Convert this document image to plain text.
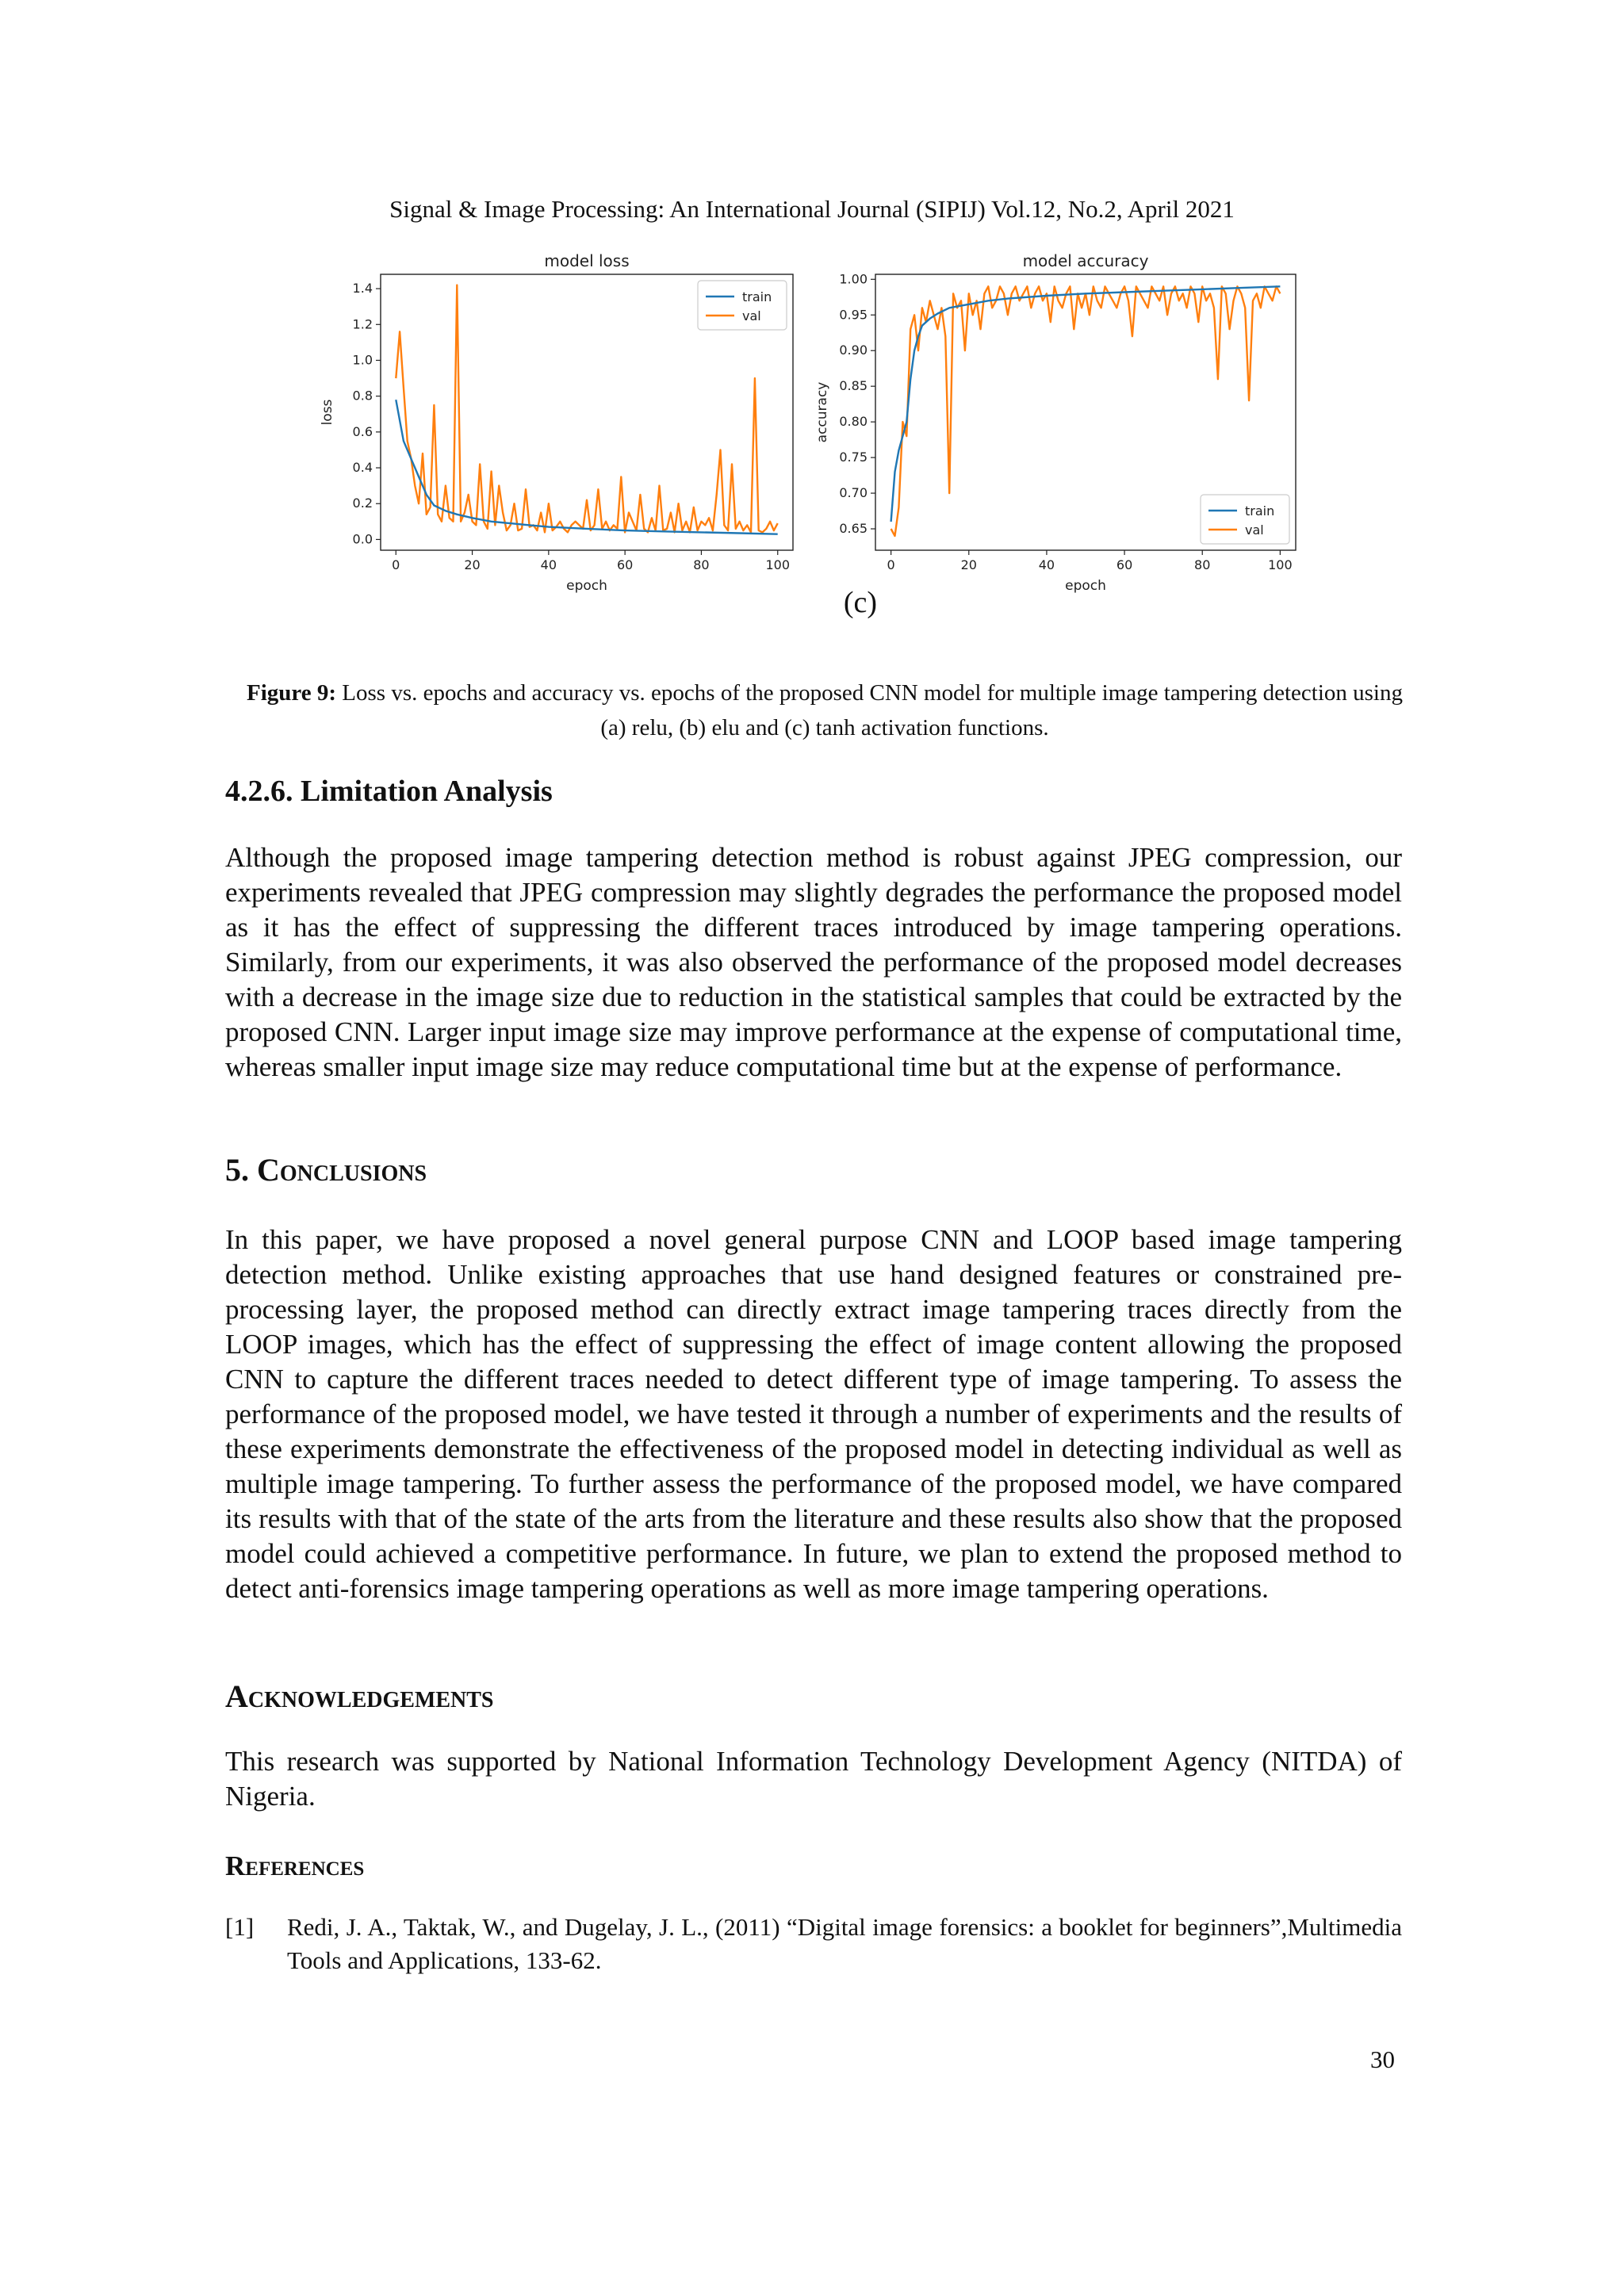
Signal & Image Processing: An International Journal (SIPIJ) Vol.12, No.2, April 2021
model loss
0	20	40	60	80	100
0.0
0.2
0.4
0.6
0.8
1.0
1.2
1.4
epoch
loss
train
val
model accuracy
0	20	40	60	80	100
0.65
0.70
0.75
0.80
0.85
0.90
0.95
1.00
epoch
accuracy
train
val
(c)
Figure 9: Loss vs. epochs and accuracy vs. epochs of the proposed CNN model for multiple image tampering detection using (a) relu, (b) elu and (c) tanh activation functions.
4.2.6. Limitation Analysis
Although the proposed image tampering detection method is robust against JPEG compression, our experiments revealed that JPEG compression may slightly degrades the performance the proposed model as it has the effect of suppressing the different traces introduced by image tampering operations. Similarly, from our experiments, it was also observed the performance of the proposed model decreases with a decrease in the image size due to reduction in the statistical samples that could be extracted by the proposed CNN. Larger input image size may improve performance at the expense of computational time, whereas smaller input image size may reduce computational time but at the expense of performance.
5. Conclusions
In this paper, we have proposed a novel general purpose CNN and LOOP based image tampering detection method. Unlike existing approaches that use hand designed features or constrained pre-processing layer, the proposed method can directly extract image tampering traces directly from the LOOP images, which has the effect of suppressing the effect of image content allowing the proposed CNN to capture the different traces needed to detect different type of image tampering. To assess the performance of the proposed model, we have tested it through a number of experiments and the results of these experiments demonstrate the effectiveness of the proposed model in detecting individual as well as multiple image tampering. To further assess the performance of the proposed model, we have compared its results with that of the state of the arts from the literature and these results also show that the proposed model could achieved a competitive performance. In future, we plan to extend the proposed method to detect anti-forensics image tampering operations as well as more image tampering operations.
Acknowledgements
This research was supported by National Information Technology Development Agency (NITDA) of Nigeria.
References
[1] Redi, J. A., Taktak, W., and Dugelay, J. L., (2011) “Digital image forensics: a booklet for beginners”,Multimedia Tools and Applications, 133-62.
30
